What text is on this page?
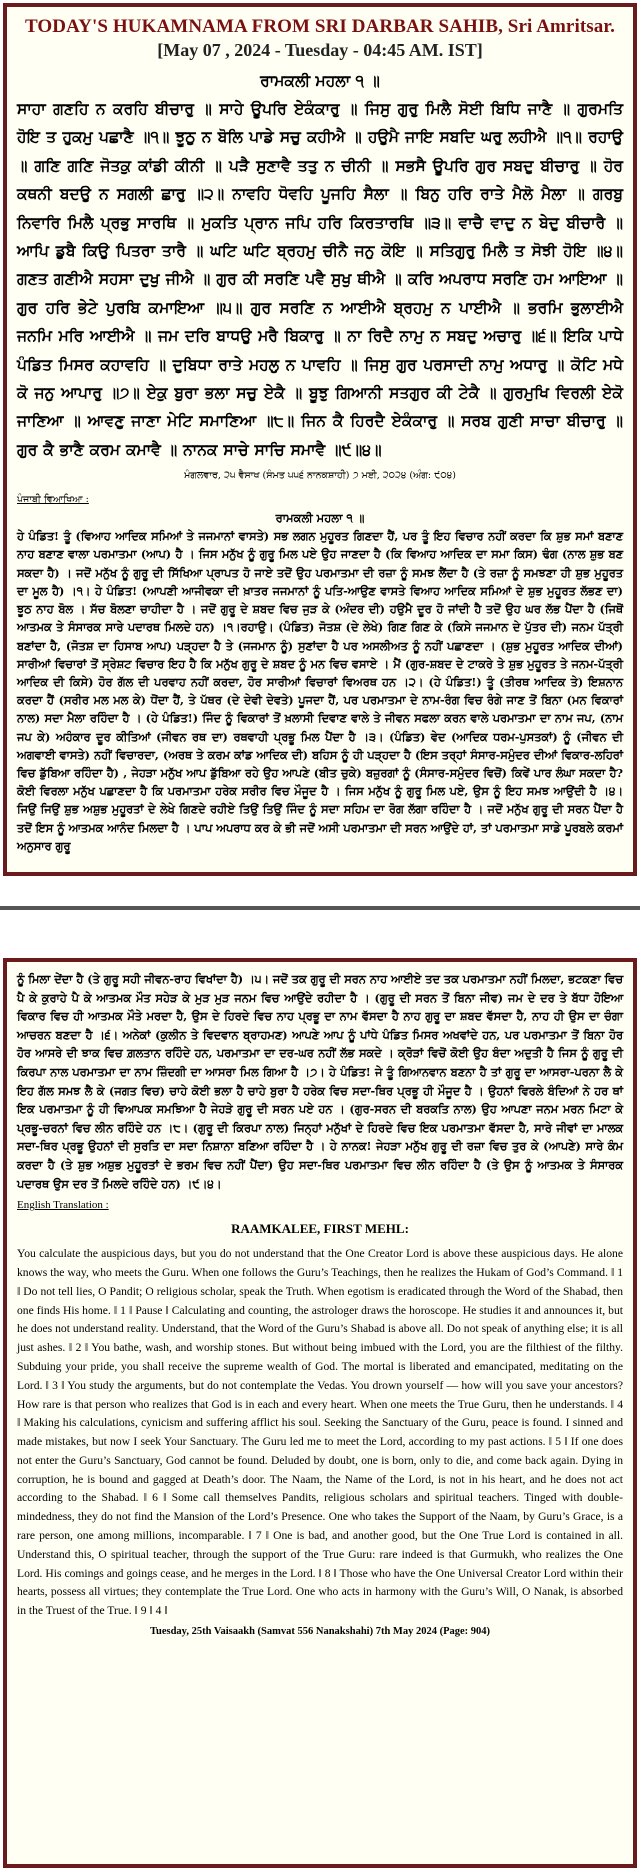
TODAY'S HUKAMNAMA FROM SRI DARBAR SAHIB, Sri Amritsar.
[May 07 , 2024 - Tuesday - 04:45 AM. IST]
ਰਾਮਕਲੀ ਮਹਲਾ ੧ ॥
ਸਾਹਾ ਗਣਹਿ ਨ ਕਰਹਿ ਬੀਚਾਰੁ ॥ ਸਾਹੇ ਊਪਰਿ ਏਕੰਕਾਰੁ ॥ ਜਿਸੁ ਗੁਰੁ ਮਿਲੈ ਸੋਈ ਬਿਧਿ ਜਾਣੈ ॥ ਗੁਰਮਤਿ ਹੋਇ ਤ ਹੁਕਮੁ ਪਛਾਣੈ ॥੧॥ ਝੂਠੁ ਨ ਬੋਲਿ ਪਾਡੇ ਸਚੁ ਕਹੀਐ ॥ ਹਉਮੈ ਜਾਇ ਸਬਦਿ ਘਰੁ ਲਹੀਐ ॥੧॥ ਰਹਾਉ ॥ ਗਣਿ ਗਣਿ ਜੋਤਕੁ ਕਾਂਡੀ ਕੀਨੀ ॥ ਪੜੈ ਸੁਣਾਵੈ ਤਤੁ ਨ ਚੀਨੀ ॥ ਸਭਸੈ ਊਪਰਿ ਗੁਰ ਸਬਦੁ ਬੀਚਾਰੁ ॥ ਹੋਰ ਕਥਨੀ ਬਦਉ ਨ ਸਗਲੀ ਛਾਰੁ ॥੨॥ ਨਾਵਹਿ ਧੋਵਹਿ ਪੂਜਹਿ ਸੈਲਾ ॥ ਬਿਨੁ ਹਰਿ ਰਾਤੇ ਮੈਲੋ ਮੈਲਾ ॥ ਗਰਬੁ ਨਿਵਾਰਿ ਮਿਲੈ ਪ੍ਰਭੁ ਸਾਰਥਿ ॥ ਮੁਕਤਿ ਪ੍ਰਾਨ ਜਪਿ ਹਰਿ ਕਿਰਤਾਰਥਿ ॥੩॥ ਵਾਚੈ ਵਾਦੁ ਨ ਬੇਦੁ ਬੀਚਾਰੈ ॥ ਆਪਿ ਡੁਬੈ ਕਿਉ ਪਿਤਰਾ ਤਾਰੈ ॥ ਘਟਿ ਘਟਿ ਬ੍ਰਹਮੁ ਚੀਨੈ ਜਨੁ ਕੋਇ ॥ ਸਤਿਗੁਰੁ ਮਿਲੈ ਤ ਸੋਝੀ ਹੋਇ ॥੪॥ ਗਣਤ ਗਣੀਐ ਸਹਸਾ ਦੁਖੁ ਜੀਐ ॥ ਗੁਰ ਕੀ ਸਰਣਿ ਪਵੈ ਸੁਖੁ ਥੀਐ ॥ ਕਰਿ ਅਪਰਾਧ ਸਰਣਿ ਹਮ ਆਇਆ ॥ ਗੁਰ ਹਰਿ ਭੇਟੇ ਪੁਰਬਿ ਕਮਾਇਆ ॥੫॥ ਗੁਰ ਸਰਣਿ ਨ ਆਈਐ ਬ੍ਰਹਮੁ ਨ ਪਾਈਐ ॥ ਭਰਮਿ ਭੁਲਾਈਐ ਜਨਮਿ ਮਰਿ ਆਈਐ ॥ ਜਮ ਦਰਿ ਬਾਧਉ ਮਰੈ ਬਿਕਾਰੁ ॥ ਨਾ ਰਿਦੈ ਨਾਮੁ ਨ ਸਬਦੁ ਅਚਾਰੁ ॥੬॥ ਇਕਿ ਪਾਧੇ ਪੰਡਿਤ ਮਿਸਰ ਕਹਾਵਹਿ ॥ ਦੁਬਿਧਾ ਰਾਤੇ ਮਹਲੁ ਨ ਪਾਵਹਿ ॥ ਜਿਸੁ ਗੁਰ ਪਰਸਾਦੀ ਨਾਮੁ ਅਧਾਰੁ ॥ ਕੋਟਿ ਮਧੇ ਕੋ ਜਨੁ ਆਪਾਰੁ ॥੭॥ ਏਕੁ ਬੁਰਾ ਭਲਾ ਸਚੁ ਏਕੈ ॥ ਬੂਝੁ ਗਿਆਨੀ ਸਤਗੁਰ ਕੀ ਟੇਕੈ ॥ ਗੁਰਮੁਖਿ ਵਿਰਲੀ ਏਕੋ ਜਾਣਿਆ ॥ ਆਵਣੁ ਜਾਣਾ ਮੇਟਿ ਸਮਾਣਿਆ ॥੮॥ ਜਿਨ ਕੈ ਹਿਰਦੈ ਏਕੰਕਾਰੁ ॥ ਸਰਬ ਗੁਣੀ ਸਾਚਾ ਬੀਚਾਰੁ ॥ ਗੁਰ ਕੈ ਭਾਣੈ ਕਰਮ ਕਮਾਵੈ ॥ ਨਾਨਕ ਸਾਚੇ ਸਾਚਿ ਸਮਾਵੈ ॥੯॥੪॥
ਮੰਗਲਵਾਰ, ੨੫ ਵੈਸਾਖ (ਸੰਮਤ ੫੫੬ ਨਾਨਕਸ਼ਾਹੀ) ੭ ਮਈ, ੨੦੨੪ (ਅੰਗ: ੯੦੪)
ਪੰਜਾਬੀ ਵਿਆਖਿਆ :
ਰਾਮਕਲੀ ਮਹਲਾ ੧ ॥
ਹੇ ਪੰਡਿਤ! ਤੂੰ (ਵਿਆਹ ਆਦਿਕ ਸਮਿਆਂ ਤੇ ਜਜਮਾਨਾਂ ਵਾਸਤੇ) ਸਭ ਲਗਨ ਮੁਹੂਰਤ ਗਿਣਦਾ ਹੈਂ, ਪਰ ਤੂੰ ਇਹ ਵਿਚਾਰ ਨਹੀਂ ਕਰਦਾ ਕਿ ਸ਼ੁਭ ਸਮਾਂ ਬਣਾਣ ਨਾਹ ਬਣਾਣ ਵਾਲਾ ਪਰਮਾਤਮਾ (ਆਪ) ਹੈ । ਜਿਸ ਮਨੁੱਖ ਨੂੰ ਗੁਰੂ ਮਿਲ ਪਏ ਉਹ ਜਾਣਦਾ ਹੈ (ਕਿ ਵਿਆਹ ਆਦਿਕ ਦਾ ਸਮਾ ਕਿਸ) ਢੰਗ (ਨਾਲ ਸ਼ੁਭ ਬਣ ਸਕਦਾ ਹੈ) । ਜਦੋਂ ਮਨੁੱਖ ਨੂੰ ਗੁਰੂ ਦੀ ਸਿੱਖਿਆ ਪ੍ਰਾਪਤ ਹੋ ਜਾਏ ਤਦੋਂ ਉਹ ਪਰਮਾਤਮਾ ਦੀ ਰਜ਼ਾ ਨੂੰ ਸਮਝ ਲੈਂਦਾ ਹੈ (ਤੇ ਰਜ਼ਾ ਨੂੰ ਸਮਝਣਾ ਹੀ ਸ਼ੁਭ ਮੁਹੂਰਤ ਦਾ ਮੂਲ ਹੈ) ।੧। ਹੇ ਪੰਡਿਤ! (ਆਪਣੀ ਆਜੀਵਕਾ ਦੀ ਖ਼ਾਤਰ ਜਜਮਾਨਾਂ ਨੂੰ ਪਤਿ-ਆਉਣ ਵਾਸਤੇ ਵਿਆਹ ਆਦਿਕ ਸਮਿਆਂ ਦੇ ਸ਼ੁਭ ਮੁਹੂਰਤ ਲੱਭਣ ਦਾ) ਝੂਠ ਨਾਹ ਬੋਲ । ਸੱਚ ਬੋਲਣਾ ਚਾਹੀਦਾ ਹੈ । ਜਦੋਂ ਗੁਰੂ ਦੇ ਸ਼ਬਦ ਵਿਚ ਜੁੜ ਕੇ (ਅੰਦਰ ਦੀ) ਹਉਮੈ ਦੂਰ ਹੋ ਜਾਂਦੀ ਹੈ ਤਦੋਂ ਉਹ ਘਰ ਲੱਭ ਪੈਂਦਾ ਹੈ (ਜਿਥੋਂ ਆਤਮਕ ਤੇ ਸੰਸਾਰਕ ਸਾਰੇ ਪਦਾਰਥ ਮਿਲਦੇ ਹਨ) ।੧।ਰਹਾਉ। (ਪੰਡਿਤ) ਜੋਤਸ਼ (ਦੇ ਲੇਖੇ) ਗਿਣ ਗਿਣ ਕੇ (ਕਿਸੇ ਜਜਮਾਨ ਦੇ ਪੁੱਤਰ ਦੀ) ਜਨਮ ਪੱਤ੍ਰੀ ਬਣਾਂਦਾ ਹੈ, (ਜੋਤਸ਼ ਦਾ ਹਿਸਾਬ ਆਪ) ਪੜ੍ਹਦਾ ਹੈ ਤੇ (ਜਜਮਾਨ ਨੂੰ) ਸੁਣਾਂਦਾ ਹੈ ਪਰ ਅਸਲੀਅਤ ਨੂੰ ਨਹੀਂ ਪਛਾਣਦਾ । (ਸ਼ੁਭ ਮੁਹੂਰਤ ਆਦਿਕ ਦੀਆਂ) ਸਾਰੀਆਂ ਵਿਚਾਰਾਂ ਤੋਂ ਸ੍ਰੇਸ਼ਟ ਵਿਚਾਰ ਇਹ ਹੈ ਕਿ ਮਨੁੱਖ ਗੁਰੂ ਦੇ ਸ਼ਬਦ ਨੂੰ ਮਨ ਵਿਚ ਵਸਾਏ । ਮੈਂ (ਗੁਰ-ਸ਼ਬਦ ਦੇ ਟਾਕਰੇ ਤੇ ਸ਼ੁਭ ਮੁਹੂਰਤ ਤੇ ਜਨਮ-ਪੱਤ੍ਰੀ ਆਦਿਕ ਦੀ ਕਿਸੇ) ਹੋਰ ਗੱਲ ਦੀ ਪਰਵਾਹ ਨਹੀਂ ਕਰਦਾ, ਹੋਰ ਸਾਰੀਆਂ ਵਿਚਾਰਾਂ ਵਿਅਰਥ ਹਨ ।੨। (ਹੇ ਪੰਡਿਤ!) ਤੂੰ (ਤੀਰਥ ਆਦਿਕ ਤੇ) ਇਸ਼ਨਾਨ ਕਰਦਾ ਹੈਂ (ਸਰੀਰ ਮਲ ਮਲ ਕੇ) ਧੋਂਦਾ ਹੈਂ, ਤੇ ਪੱਥਰ (ਦੇ ਦੇਵੀ ਦੇਵਤੇ) ਪੂਜਦਾ ਹੈਂ, ਪਰ ਪਰਮਾਤਮਾ ਦੇ ਨਾਮ-ਰੰਗ ਵਿਚ ਰੰਗੇ ਜਾਣ ਤੋਂ ਬਿਨਾ (ਮਨ ਵਿਕਾਰਾਂ ਨਾਲ) ਸਦਾ ਮੈਲਾ ਰਹਿੰਦਾ ਹੈ । (ਹੇ ਪੰਡਿਤ!) ਜਿੰਦ ਨੂੰ ਵਿਕਾਰਾਂ ਤੋਂ ਖ਼ਲਾਸੀ ਦਿਵਾਣ ਵਾਲੇ ਤੇ ਜੀਵਨ ਸਫਲਾ ਕਰਨ ਵਾਲੇ ਪਰਮਾਤਮਾ ਦਾ ਨਾਮ ਜਪ, (ਨਾਮ ਜਪ ਕੇ) ਅਹੰਕਾਰ ਦੂਰ ਕੀਤਿਆਂ (ਜੀਵਨ ਰਥ ਦਾ) ਰਥਵਾਹੀ ਪ੍ਰਭੂ ਮਿਲ ਪੈਂਦਾ ਹੈ ।੩। (ਪੰਡਿਤ) ਵੇਦ (ਆਦਿਕ ਧਰਮ-ਪੁਸਤਕਾਂ) ਨੂੰ (ਜੀਵਨ ਦੀ ਅਗਵਾਈ ਵਾਸਤੇ) ਨਹੀਂ ਵਿਚਾਰਦਾ, (ਅਰਥ ਤੇ ਕਰਮ ਕਾਂਡ ਆਦਿਕ ਦੀ) ਬਹਿਸ ਨੂੰ ਹੀ ਪੜ੍ਹਦਾ ਹੈ (ਇਸ ਤਰ੍ਹਾਂ ਸੰਸਾਰ-ਸਮੁੰਦਰ ਦੀਆਂ ਵਿਕਾਰ-ਲਹਿਰਾਂ ਵਿਚ ਡੁੱਬਿਆ ਰਹਿੰਦਾ ਹੈ) , ਜੇਹੜਾ ਮਨੁੱਖ ਆਪ ਡੁੱਬਿਆ ਰਹੇ ਉਹ ਆਪਣੇ (ਬੀਤ ਚੁਕੇ) ਬਜ਼ੁਰਗਾਂ ਨੂੰ (ਸੰਸਾਰ-ਸਮੁੰਦਰ ਵਿਚੋਂ) ਕਿਵੇਂ ਪਾਰ ਲੰਘਾ ਸਕਦਾ ਹੈ? ਕੋਈ ਵਿਰਲਾ ਮਨੁੱਖ ਪਛਾਣਦਾ ਹੈ ਕਿ ਪਰਮਾਤਮਾ ਹਰੇਕ ਸਰੀਰ ਵਿਚ ਮੌਜੂਦ ਹੈ । ਜਿਸ ਮਨੁੱਖ ਨੂੰ ਗੁਰੂ ਮਿਲ ਪਏ, ਉਸ ਨੂੰ ਇਹ ਸਮਝ ਆਉਂਦੀ ਹੈ ।੪। ਜਿਉਂ ਜਿਉਂ ਸ਼ੁਭ ਅਸ਼ੁਭ ਮੁਹੂਰਤਾਂ ਦੇ ਲੇਖੇ ਗਿਣਦੇ ਰਹੀਏ ਤਿਉਂ ਤਿਉਂ ਜਿੰਦ ਨੂੰ ਸਦਾ ਸਹਿਮ ਦਾ ਰੋਗ ਲੱਗਾ ਰਹਿੰਦਾ ਹੈ । ਜਦੋਂ ਮਨੁੱਖ ਗੁਰੂ ਦੀ ਸਰਨ ਪੈਂਦਾ ਹੈ ਤਦੋਂ ਇਸ ਨੂੰ ਆਤਮਕ ਆਨੰਦ ਮਿਲਦਾ ਹੈ । ਪਾਪ ਅਪਰਾਧ ਕਰ ਕੇ ਭੀ ਜਦੋਂ ਅਸੀ ਪਰਮਾਤਮਾ ਦੀ ਸਰਨ ਆਉਂਦੇ ਹਾਂ, ਤਾਂ ਪਰਮਾਤਮਾ ਸਾਡੇ ਪੂਰਬਲੇ ਕਰਮਾਂ ਅਨੁਸਾਰ ਗੁਰੂ
ਨੂੰ ਮਿਲਾ ਦੇਂਦਾ ਹੈ (ਤੇ ਗੁਰੂ ਸਹੀ ਜੀਵਨ-ਰਾਹ ਵਿਖਾਂਦਾ ਹੈ) ।੫। ਜਦੋਂ ਤਕ ਗੁਰੂ ਦੀ ਸਰਨ ਨਾਹ ਆਈਏ ਤਦ ਤਕ ਪਰਮਾਤਮਾ ਨਹੀਂ ਮਿਲਦਾ, ਭਟਕਣਾ ਵਿਚ ਪੈ ਕੇ ਕੁਰਾਹੇ ਪੈ ਕੇ ਆਤਮਕ ਮੌਤ ਸਹੇੜ ਕੇ ਮੁੜ ਮੁੜ ਜਨਮ ਵਿਚ ਆਉਂਦੇ ਰਹੀਦਾ ਹੈ । (ਗੁਰੂ ਦੀ ਸਰਨ ਤੋਂ ਬਿਨਾ ਜੀਵ) ਜਮ ਦੇ ਦਰ ਤੇ ਬੱਧਾ ਹੋਇਆ ਵਿਕਾਰ ਵਿਚ ਹੀ ਆਤਮਕ ਮੌਤੇ ਮਰਦਾ ਹੈ, ਉਸ ਦੇ ਹਿਰਦੇ ਵਿਚ ਨਾਹ ਪ੍ਰਭੂ ਦਾ ਨਾਮ ਵੱਸਦਾ ਹੈ ਨਾਹ ਗੁਰੂ ਦਾ ਸ਼ਬਦ ਵੱਸਦਾ ਹੈ, ਨਾਹ ਹੀ ਉਸ ਦਾ ਚੰਗਾ ਆਚਰਨ ਬਣਦਾ ਹੈ ।੬। ਅਨੇਕਾਂ (ਕੁਲੀਨ ਤੇ ਵਿਦਵਾਨ ਬ੍ਰਾਹਮਣ) ਆਪਣੇ ਆਪ ਨੂੰ ਪਾਂਧੇ ਪੰਡਿਤ ਮਿਸਰ ਅਖਵਾਂਦੇ ਹਨ, ਪਰ ਪਰਮਾਤਮਾ ਤੋਂ ਬਿਨਾ ਹੋਰ ਹੋਰ ਆਸਰੇ ਦੀ ਝਾਕ ਵਿਚ ਗ਼ਲਤਾਨ ਰਹਿੰਦੇ ਹਨ, ਪਰਮਾਤਮਾ ਦਾ ਦਰ-ਘਰ ਨਹੀਂ ਲੱਭ ਸਕਦੇ । ਕ੍ਰੋੜਾਂ ਵਿਚੋਂ ਕੋਈ ਉਹ ਬੰਦਾ ਅਦੁਤੀ ਹੈ ਜਿਸ ਨੂੰ ਗੁਰੂ ਦੀ ਕਿਰਪਾ ਨਾਲ ਪਰਮਾਤਮਾ ਦਾ ਨਾਮ ਜ਼ਿੰਦਗੀ ਦਾ ਆਸਰਾ ਮਿਲ ਗਿਆ ਹੈ ।੭। ਹੇ ਪੰਡਿਤ! ਜੇ ਤੂੰ ਗਿਆਨਵਾਨ ਬਣਨਾ ਹੈ ਤਾਂ ਗੁਰੂ ਦਾ ਆਸਰਾ-ਪਰਨਾ ਲੈ ਕੇ ਇਹ ਗੱਲ ਸਮਝ ਲੈ ਕੇ (ਜਗਤ ਵਿਚ) ਚਾਹੇ ਕੋਈ ਭਲਾ ਹੈ ਚਾਹੇ ਬੁਰਾ ਹੈ ਹਰੇਕ ਵਿਚ ਸਦਾ-ਥਿਰ ਪ੍ਰਭੂ ਹੀ ਮੌਜੂਦ ਹੈ । ਉਹਨਾਂ ਵਿਰਲੇ ਬੰਦਿਆਂ ਨੇ ਹਰ ਥਾਂ ਇਕ ਪਰਮਾਤਮਾ ਨੂੰ ਹੀ ਵਿਆਪਕ ਸਮਝਿਆ ਹੈ ਜੇਹੜੇ ਗੁਰੂ ਦੀ ਸਰਨ ਪਏ ਹਨ । (ਗੁਰ-ਸਰਨ ਦੀ ਬਰਕਤਿ ਨਾਲ) ਉਹ ਆਪਣਾ ਜਨਮ ਮਰਨ ਮਿਟਾ ਕੇ ਪ੍ਰਭੂ-ਚਰਨਾਂ ਵਿਚ ਲੀਨ ਰਹਿੰਦੇ ਹਨ ।੮। (ਗੁਰੂ ਦੀ ਕਿਰਪਾ ਨਾਲ) ਜਿਨ੍ਹਾਂ ਮਨੁੱਖਾਂ ਦੇ ਹਿਰਦੇ ਵਿਚ ਇਕ ਪਰਮਾਤਮਾ ਵੱਸਦਾ ਹੈ, ਸਾਰੇ ਜੀਵਾਂ ਦਾ ਮਾਲਕ ਸਦਾ-ਥਿਰ ਪ੍ਰਭੂ ਉਹਨਾਂ ਦੀ ਸੁਰਤਿ ਦਾ ਸਦਾ ਨਿਸ਼ਾਨਾ ਬਣਿਆ ਰਹਿੰਦਾ ਹੈ । ਹੇ ਨਾਨਕ! ਜੇਹੜਾ ਮਨੁੱਖ ਗੁਰੂ ਦੀ ਰਜ਼ਾ ਵਿਚ ਤੁਰ ਕੇ (ਆਪਣੇ) ਸਾਰੇ ਕੰਮ ਕਰਦਾ ਹੈ (ਤੇ ਸ਼ੁਭ ਅਸ਼ੁਭ ਮੁਹੂਰਤਾਂ ਦੇ ਭਰਮ ਵਿਚ ਨਹੀਂ ਪੈਂਦਾ) ਉਹ ਸਦਾ-ਥਿਰ ਪਰਮਾਤਮਾ ਵਿਚ ਲੀਨ ਰਹਿੰਦਾ ਹੈ (ਤੇ ਉਸ ਨੂੰ ਆਤਮਕ ਤੇ ਸੰਸਾਰਕ ਪਦਾਰਥ ਉਸ ਦਰ ਤੋਂ ਮਿਲਦੇ ਰਹਿੰਦੇ ਹਨ) ।੯।੪।
English Translation :
RAAMKALEE, FIRST MEHL:
You calculate the auspicious days, but you do not understand that the One Creator Lord is above these auspicious days. He alone knows the way, who meets the Guru. When one follows the Guru’s Teachings, then he realizes the Hukam of God’s Command. ‖ 1 ‖ Do not tell lies, O Pandit; O religious scholar, speak the Truth. When egotism is eradicated through the Word of the Shabad, then one finds His home. ‖ 1 ‖ Pause ‖ Calculating and counting, the astrologer draws the horoscope. He studies it and announces it, but he does not understand reality. Understand, that the Word of the Guru’s Shabad is above all. Do not speak of anything else; it is all just ashes. ‖ 2 ‖ You bathe, wash, and worship stones. But without being imbued with the Lord, you are the filthiest of the filthy. Subduing your pride, you shall receive the supreme wealth of God. The mortal is liberated and emancipated, meditating on the Lord. ‖ 3 ‖ You study the arguments, but do not contemplate the Vedas. You drown yourself — how will you save your ancestors? How rare is that person who realizes that God is in each and every heart. When one meets the True Guru, then he understands. ‖ 4 ‖ Making his calculations, cynicism and suffering afflict his soul. Seeking the Sanctuary of the Guru, peace is found. I sinned and made mistakes, but now I seek Your Sanctuary. The Guru led me to meet the Lord, according to my past actions. ‖ 5 ‖ If one does not enter the Guru’s Sanctuary, God cannot be found. Deluded by doubt, one is born, only to die, and come back again. Dying in corruption, he is bound and gagged at Death’s door. The Naam, the Name of the Lord, is not in his heart, and he does not act according to the Shabad. ‖ 6 ‖ Some call themselves Pandits, religious scholars and spiritual teachers. Tinged with double-mindedness, they do not find the Mansion of the Lord’s Presence. One who takes the Support of the Naam, by Guru’s Grace, is a rare person, one among millions, incomparable. ‖ 7 ‖ One is bad, and another good, but the One True Lord is contained in all. Understand this, O spiritual teacher, through the support of the True Guru: rare indeed is that Gurmukh, who realizes the One Lord. His comings and goings cease, and he merges in the Lord. ‖ 8 ‖ Those who have the One Universal Creator Lord within their hearts, possess all virtues; they contemplate the True Lord. One who acts in harmony with the Guru’s Will, O Nanak, is absorbed in the Truest of the True. ‖ 9 ‖ 4 ‖
Tuesday, 25th Vaisaakh (Samvat 556 Nanakshahi) 7th May 2024 (Page: 904)
